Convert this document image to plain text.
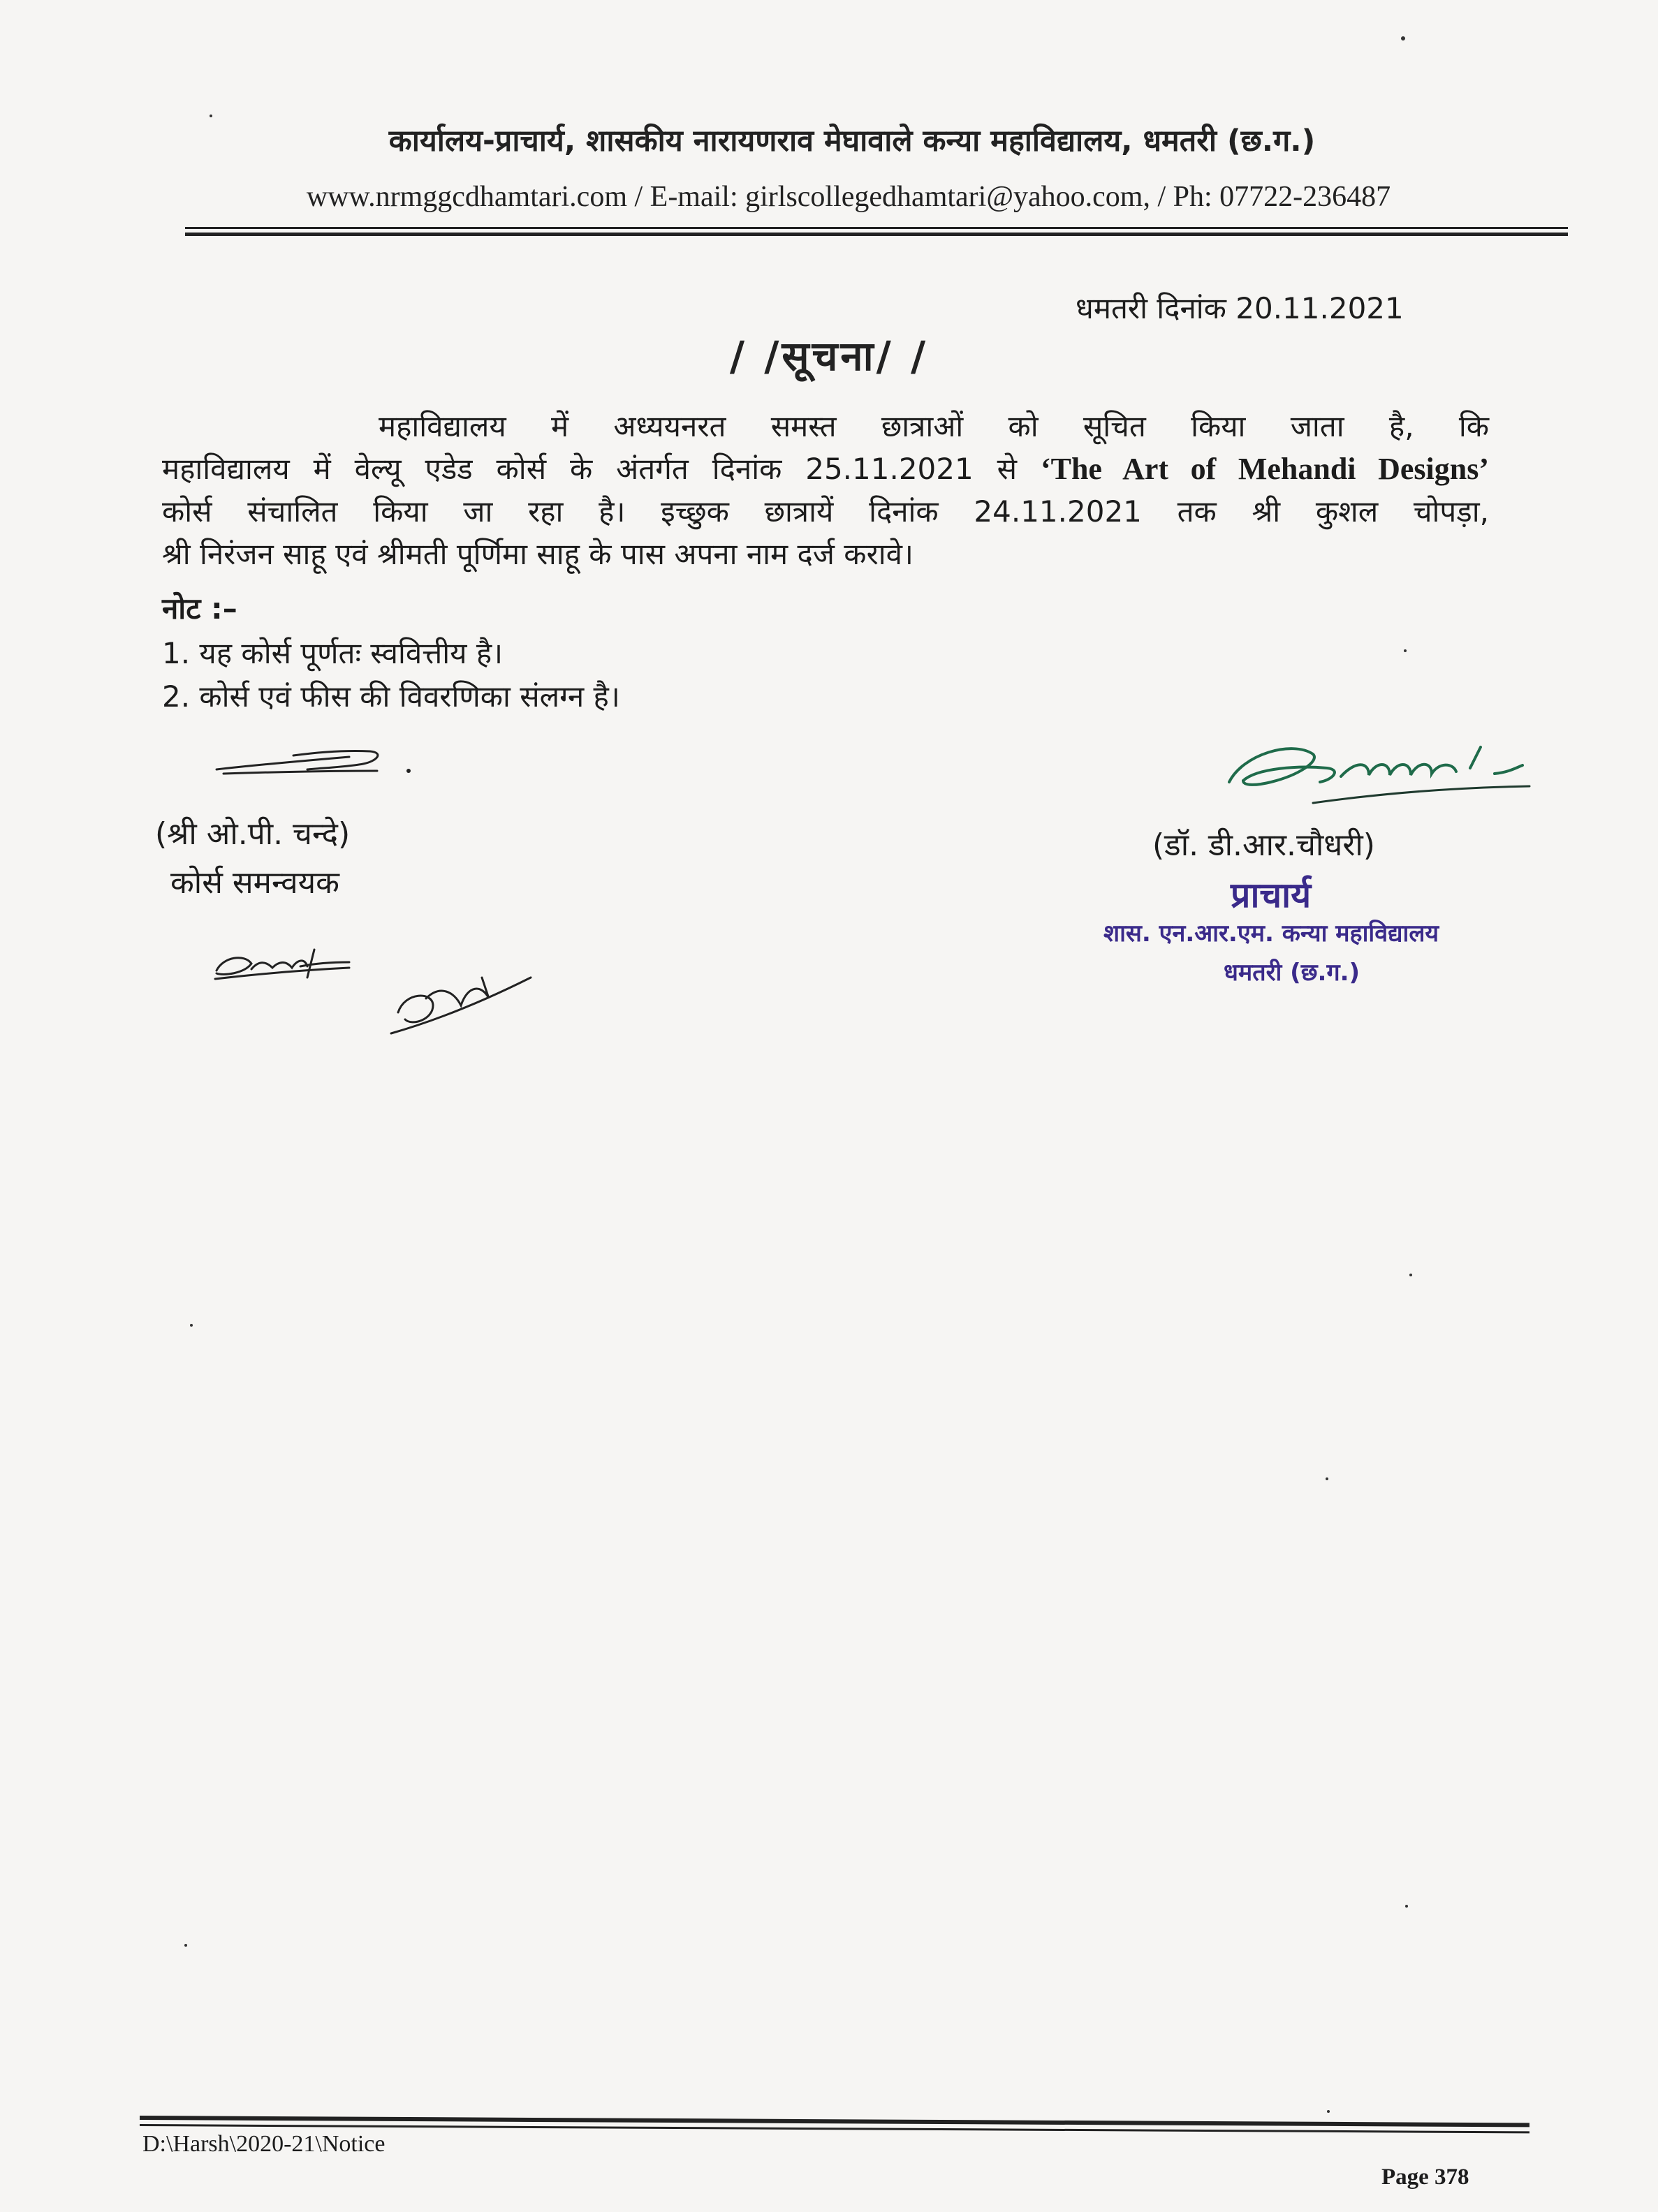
कार्यालय-प्राचार्य, शासकीय नारायणराव मेघावाले कन्या महाविद्यालय, धमतरी (छ.ग.)
www.nrmggcdhamtari.com / E-mail: girlscollegedhamtari@yahoo.com, / Ph: 07722-236487
धमतरी दिनांक 20.11.2021
/ /सूचना/ /
महाविद्यालय में अध्ययनरत समस्त छात्राओं को सूचित किया जाता है, कि
महाविद्यालय में वेल्यू एडेड कोर्स के अंतर्गत दिनांक 25.11.2021 से ‘The Art of Mehandi Designs’
कोर्स संचालित किया जा रहा है। इच्छुक छात्रायें दिनांक 24.11.2021 तक श्री कुशल चोपड़ा,
श्री निरंजन साहू एवं श्रीमती पूर्णिमा साहू के पास अपना नाम दर्ज करावे।
नोट :–
1. यह कोर्स पूर्णतः स्ववित्तीय है।
2. कोर्स एवं फीस की विवरणिका संलग्न है।
(श्री ओ.पी. चन्दे)
कोर्स समन्वयक
(डॉ. डी.आर.चौधरी)
प्राचार्य
शास. एन.आर.एम. कन्या महाविद्यालय
धमतरी (छ.ग.)
D:\Harsh\2020-21\Notice
Page 378
